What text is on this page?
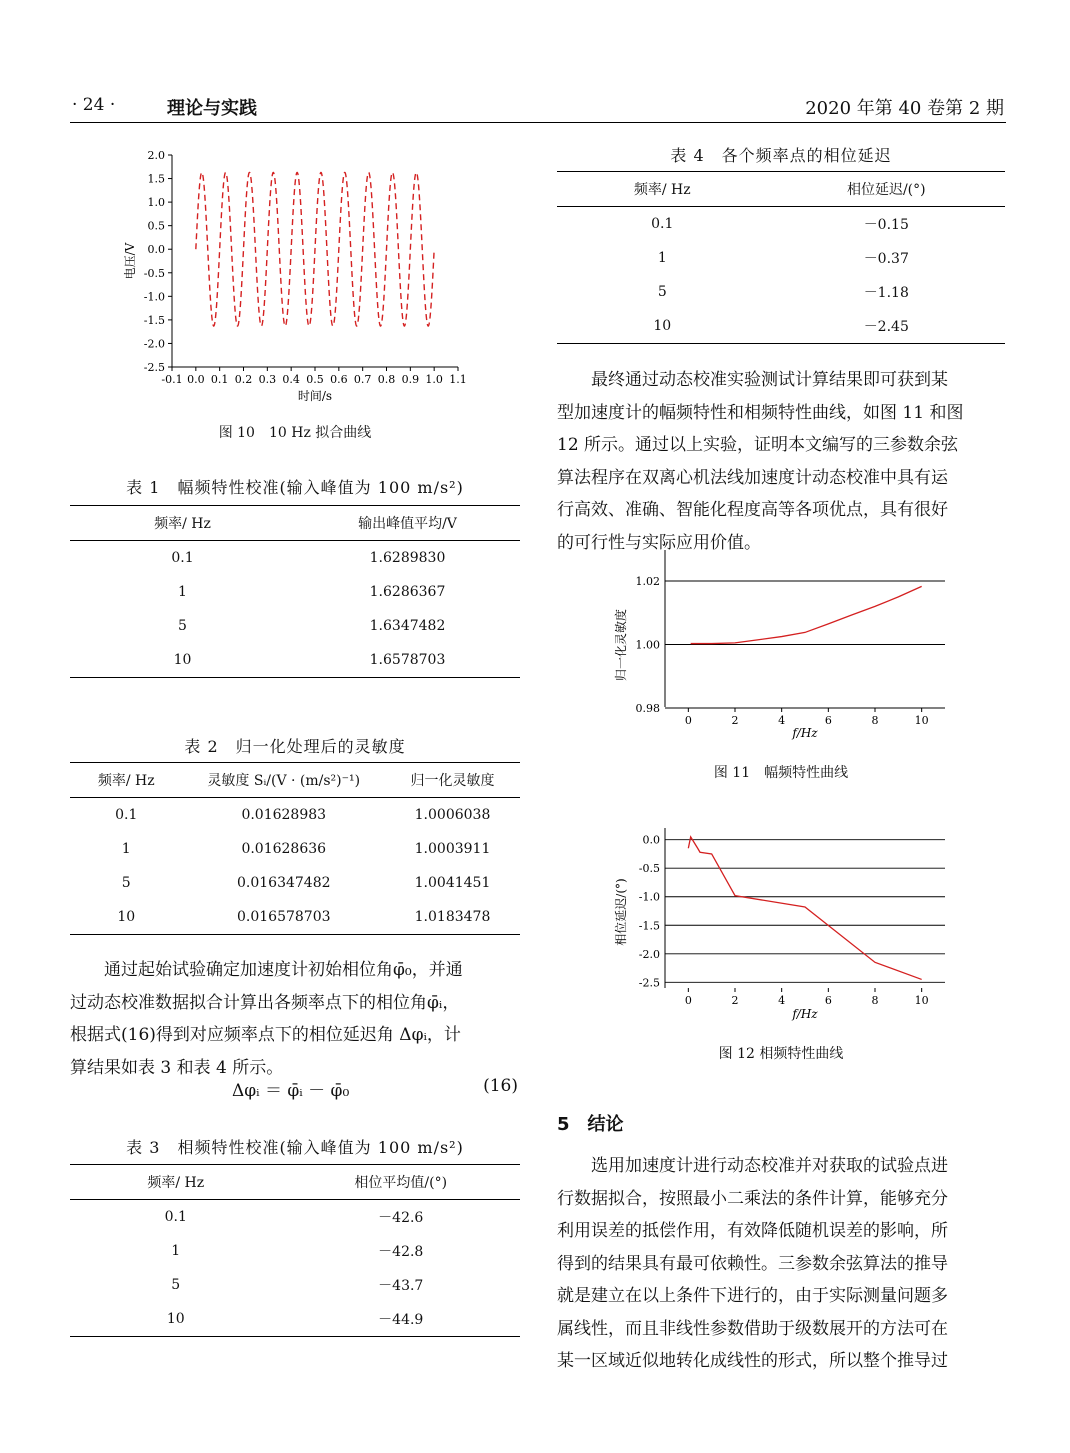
· 24 ·	理论与实践	2020 年第 40 卷第 2 期
-0.1 0.0 0.1 0.2 0.3 0.4 0.5 0.6 0.7 0.8 0.9 1.0 1.1
2.0
1.5
1.0
0.5
0.0
-0.5
-1.0
-1.5
-2.0
-2.5
时间/s
电压/V
图 10　10 Hz 拟合曲线
表 1　幅频特性校准(输入峰值为 100 m/s²)
频率/ Hz	输出峰值平均/V
0.1	1.6289830
1	1.6286367
5	1.6347482
10	1.6578703
表 2　归一化处理后的灵敏度
频率/ Hz	灵敏度 Sᵢ/(V · (m/s²)⁻¹)	归一化灵敏度
0.1	0.01628983	1.0006038
1	0.01628636	1.0003911
5	0.016347482	1.0041451
10	0.016578703	1.0183478
通过起始试验确定加速度计初始相位角φ̄₀，并通
过动态校准数据拟合计算出各频率点下的相位角φ̄ᵢ，
根据式(16)得到对应频率点下的相位延迟角 Δφᵢ，计
算结果如表 3 和表 4 所示。
Δφᵢ ＝ φ̄ᵢ － φ̄₀	(16)
表 3　相频特性校准(输入峰值为 100 m/s²)
频率/ Hz	相位平均值/(°)
0.1	－42.6
1	－42.8
5	－43.7
10	－44.9
表 4　各个频率点的相位延迟
频率/ Hz	相位延迟/(°)
0.1	－0.15
1	－0.37
5	－1.18
10	－2.45
最终通过动态校准实验测试计算结果即可获到某
型加速度计的幅频特性和相频特性曲线，如图 11 和图
12 所示。通过以上实验，证明本文编写的三参数余弦
算法程序在双离心机法线加速度计动态校准中具有运
行高效、准确、智能化程度高等各项优点，具有很好
的可行性与实际应用价值。
1.02
1.00
0.98
0	2	4	6	8	10
f/Hz
归一化灵敏度
图 11　幅频特性曲线
0.0
-0.5
-1.0
-1.5
-2.0
-2.5
0	2	4	6	8	10
f/Hz
相位延迟/(°)
图 12 相频特性曲线
5　结论
选用加速度计进行动态校准并对获取的试验点进
行数据拟合，按照最小二乘法的条件计算，能够充分
利用误差的抵偿作用，有效降低随机误差的影响，所
得到的结果具有最可依赖性。三参数余弦算法的推导
就是建立在以上条件下进行的，由于实际测量问题多
属线性，而且非线性参数借助于级数展开的方法可在
某一区域近似地转化成线性的形式，所以整个推导过
